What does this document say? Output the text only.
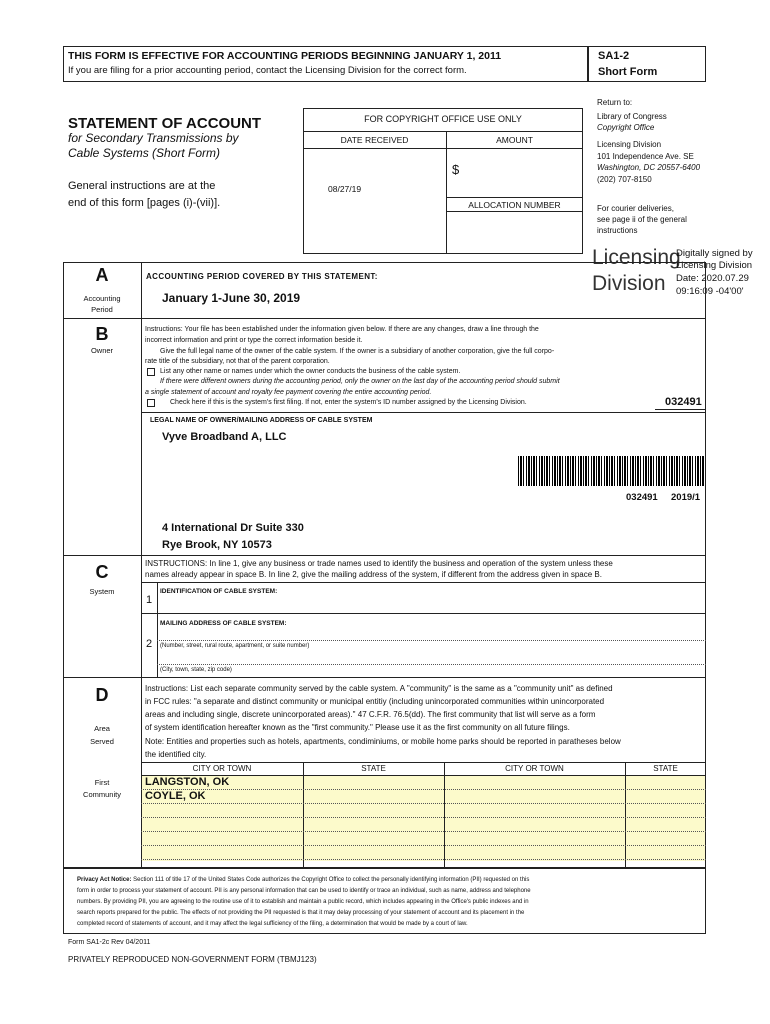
THIS FORM IS EFFECTIVE FOR ACCOUNTING PERIODS BEGINNING JANUARY 1, 2011
If you are filing for a prior accounting period, contact the Licensing Division for the correct form.
SA1-2
Short Form
STATEMENT OF ACCOUNT
for Secondary Transmissions by
Cable Systems (Short Form)
General instructions are at the
end of this form [pages (i)-(vii)].
FOR COPYRIGHT OFFICE USE ONLY
DATE RECEIVED	AMOUNT
$
08/27/19
ALLOCATION NUMBER
Return to:
Library of Congress
Copyright Office
Licensing Division
101 Independence Ave. SE
Washington, DC 20557-6400
(202) 707-8150
For courier deliveries,
see page ii of the general
instructions
Licensing
Division
Digitally signed by
Licensing Division
Date: 2020.07.29
09:16:09 -04'00'
A
Accounting
Period
ACCOUNTING PERIOD COVERED BY THIS STATEMENT:
January 1-June 30, 2019
B
Owner
Instructions: Your file has been established under the information given below. If there are any changes, draw a line through the
incorrect information and print or type the correct information beside it.
Give the full legal name of the owner of the cable system. If the owner is a subsidiary of another corporation, give the full corpo-
rate title of the subsidiary, not that of the parent corporation.
List any other name or names under which the owner conducts the business of the cable system.
If there were different owners during the accounting period, only the owner on the last day of the accounting period should submit
a single statement of account and royalty fee payment covering the entire accounting period.
Check here if this is the system's first filing. If not, enter the system's ID number assigned by the Licensing Division.	032491
LEGAL NAME OF OWNER/MAILING ADDRESS OF CABLE SYSTEM
Vyve Broadband A, LLC
032491 2019/1
4 International Dr Suite 330
Rye Brook, NY 10573
C
System
INSTRUCTIONS: In line 1, give any business or trade names used to identify the business and operation of the system unless these
names already appear in space B. In line 2, give the mailing address of the system, if different from the address given in space B.
1
IDENTIFICATION OF CABLE SYSTEM:
MAILING ADDRESS OF CABLE SYSTEM:
2	(Number, street, rural route, apartment, or suite number)
(City, town, state, zip code)
D
Area
Served
Instructions: List each separate community served by the cable system. A "community" is the same as a "community unit" as defined
in FCC rules: "a separate and distinct community or municipal entitiy (including unincorporated communities within unincorporated
areas and including single, discrete unincorporated areas)." 47 C.F.R. 76.5(dd). The first community that list will serve as a form
of system identification hereafter known as the "first community." Please use it as the first community on all future filings.
Note: Entities and properties such as hotels, apartments, condiminiums, or mobile home parks should be reported in paratheses below
the identified city.
CITY OR TOWN	STATE	CITY OR TOWN	STATE
LANGSTON, OK
COYLE, OK
First
Community
Privacy Act Notice: Section 111 of title 17 of the United States Code authorizes the Copyright Office to collect the personally identifying information (PII) requested on this
form in order to process your statement of account. PII is any personal information that can be used to identify or trace an individual, such as name, address and telephone
numbers. By providing PII, you are agreeing to the routine use of it to establish and maintain a public record, which includes appearing in the Office's public indexes and in
search reports prepared for the public. The effects of not providing the PII requested is that it may delay processing of your statement of account and its placement in the
completed record of statements of account, and it may affect the legal sufficiency of the filing, a determination that would be made by a court of law.
Form SA1-2c Rev 04/2011
PRIVATELY REPRODUCED NON-GOVERNMENT FORM (TBMJ123)
